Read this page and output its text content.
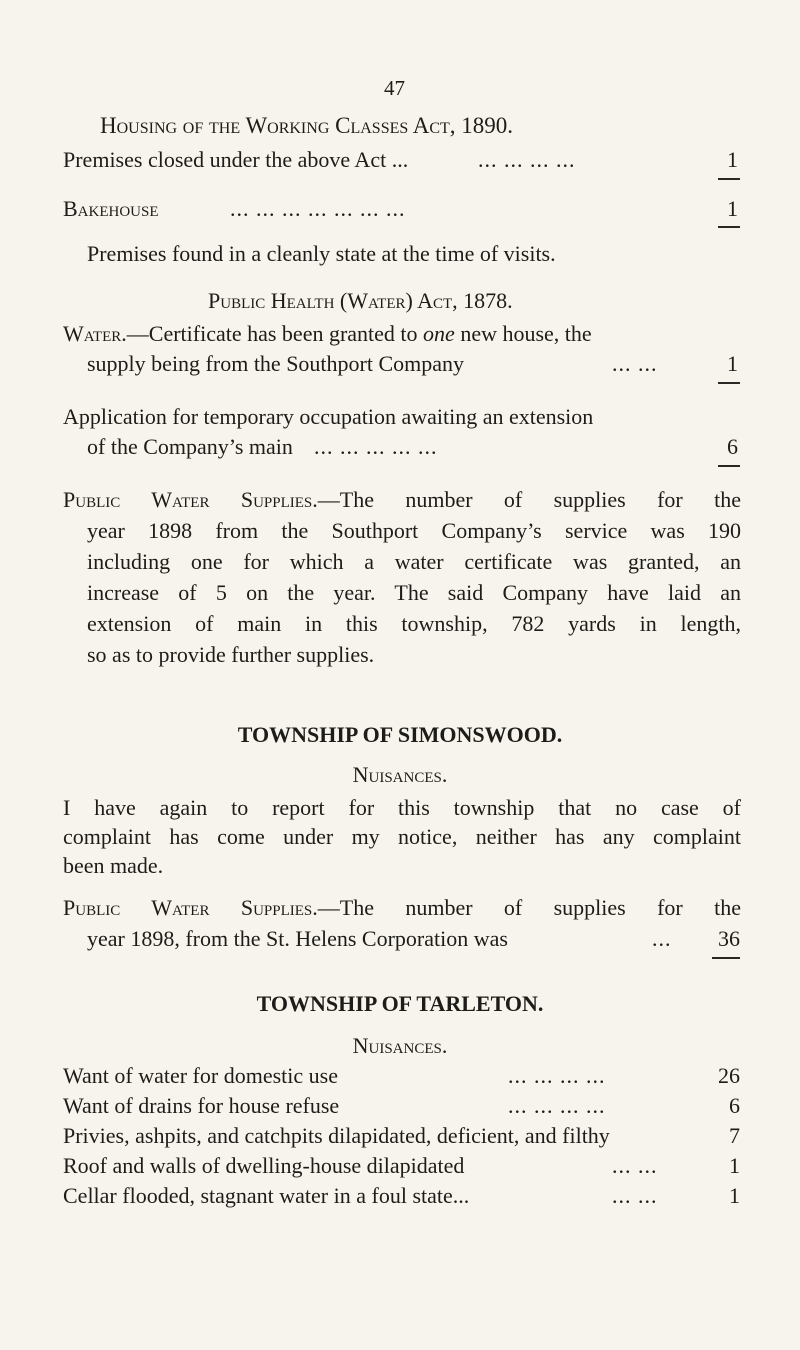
47
Housing of the Working Classes Act, 1890.
Premises closed under the above Act ...	... ... ... ...	1
Bakehouse	... ... ... ... ... ... ...	1
Premises found in a cleanly state at the time of visits.
Public Health (Water) Act, 1878.
Water.—Certificate has been granted to one new house, the
supply being from the Southport Company	... ...	1
Application for temporary occupation awaiting an extension
of the Company’s main ... ... ... ... ...	6
Public Water Supplies.—The number of supplies for the
year 1898 from the Southport Company’s service was 190
including one for which a water certificate was granted, an
increase of 5 on the year. The said Company have laid an
extension of main in this township, 782 yards in length,
so as to provide further supplies.
TOWNSHIP OF SIMONSWOOD.
Nuisances.
I have again to report for this township that no case of
complaint has come under my notice, neither has any complaint
been made.
Public Water Supplies.—The number of supplies for the
year 1898, from the St. Helens Corporation was	...	36
TOWNSHIP OF TARLETON.
Nuisances.
Want of water for domestic use	... ... ... ...	26
Want of drains for house refuse	... ... ... ...	6
Privies, ashpits, and catchpits dilapidated, deficient, and filthy	7
Roof and walls of dwelling-house dilapidated	... ...	1
Cellar flooded, stagnant water in a foul state...	... ...	1
